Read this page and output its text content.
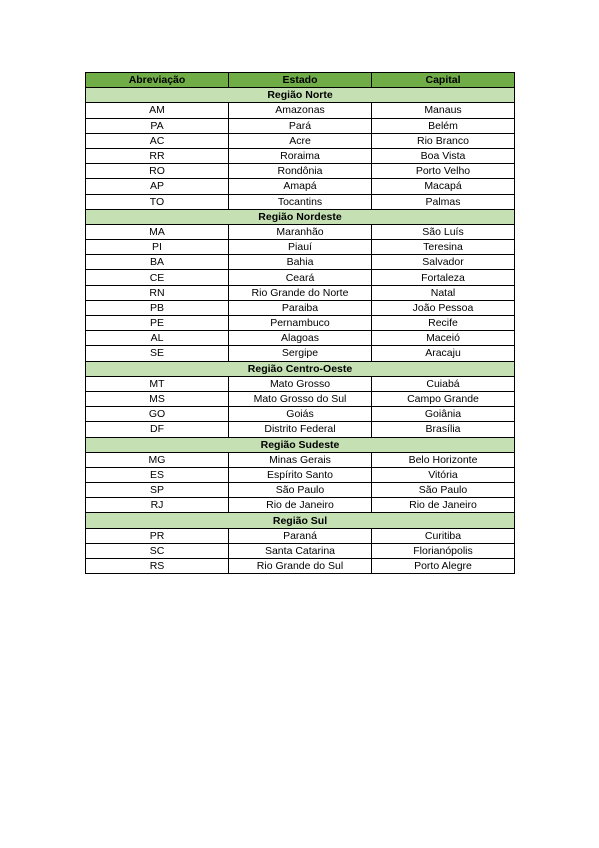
Abreviação	Estado	Capital
Região Norte		
AM	Amazonas	Manaus
PA	Pará	Belém
AC	Acre	Rio Branco
RR	Roraima	Boa Vista
RO	Rondônia	Porto Velho
AP	Amapá	Macapá
TO	Tocantins	Palmas
Região Nordeste		
MA	Maranhão	São Luís
PI	Piauí	Teresina
BA	Bahia	Salvador
CE	Ceará	Fortaleza
RN	Rio Grande do Norte	Natal
PB	Paraiba	João Pessoa
PE	Pernambuco	Recife
AL	Alagoas	Maceió
SE	Sergipe	Aracaju
Região Centro-Oeste		
MT	Mato Grosso	Cuiabá
MS	Mato Grosso do Sul	Campo Grande
GO	Goiás	Goiânia
DF	Distrito Federal	Brasília
Região Sudeste		
MG	Minas Gerais	Belo Horizonte
ES	Espírito Santo	Vitória
SP	São Paulo	São Paulo
RJ	Rio de Janeiro	Rio de Janeiro
Região Sul		
PR	Paraná	Curitiba
SC	Santa Catarina	Florianópolis
RS	Rio Grande do Sul	Porto Alegre
